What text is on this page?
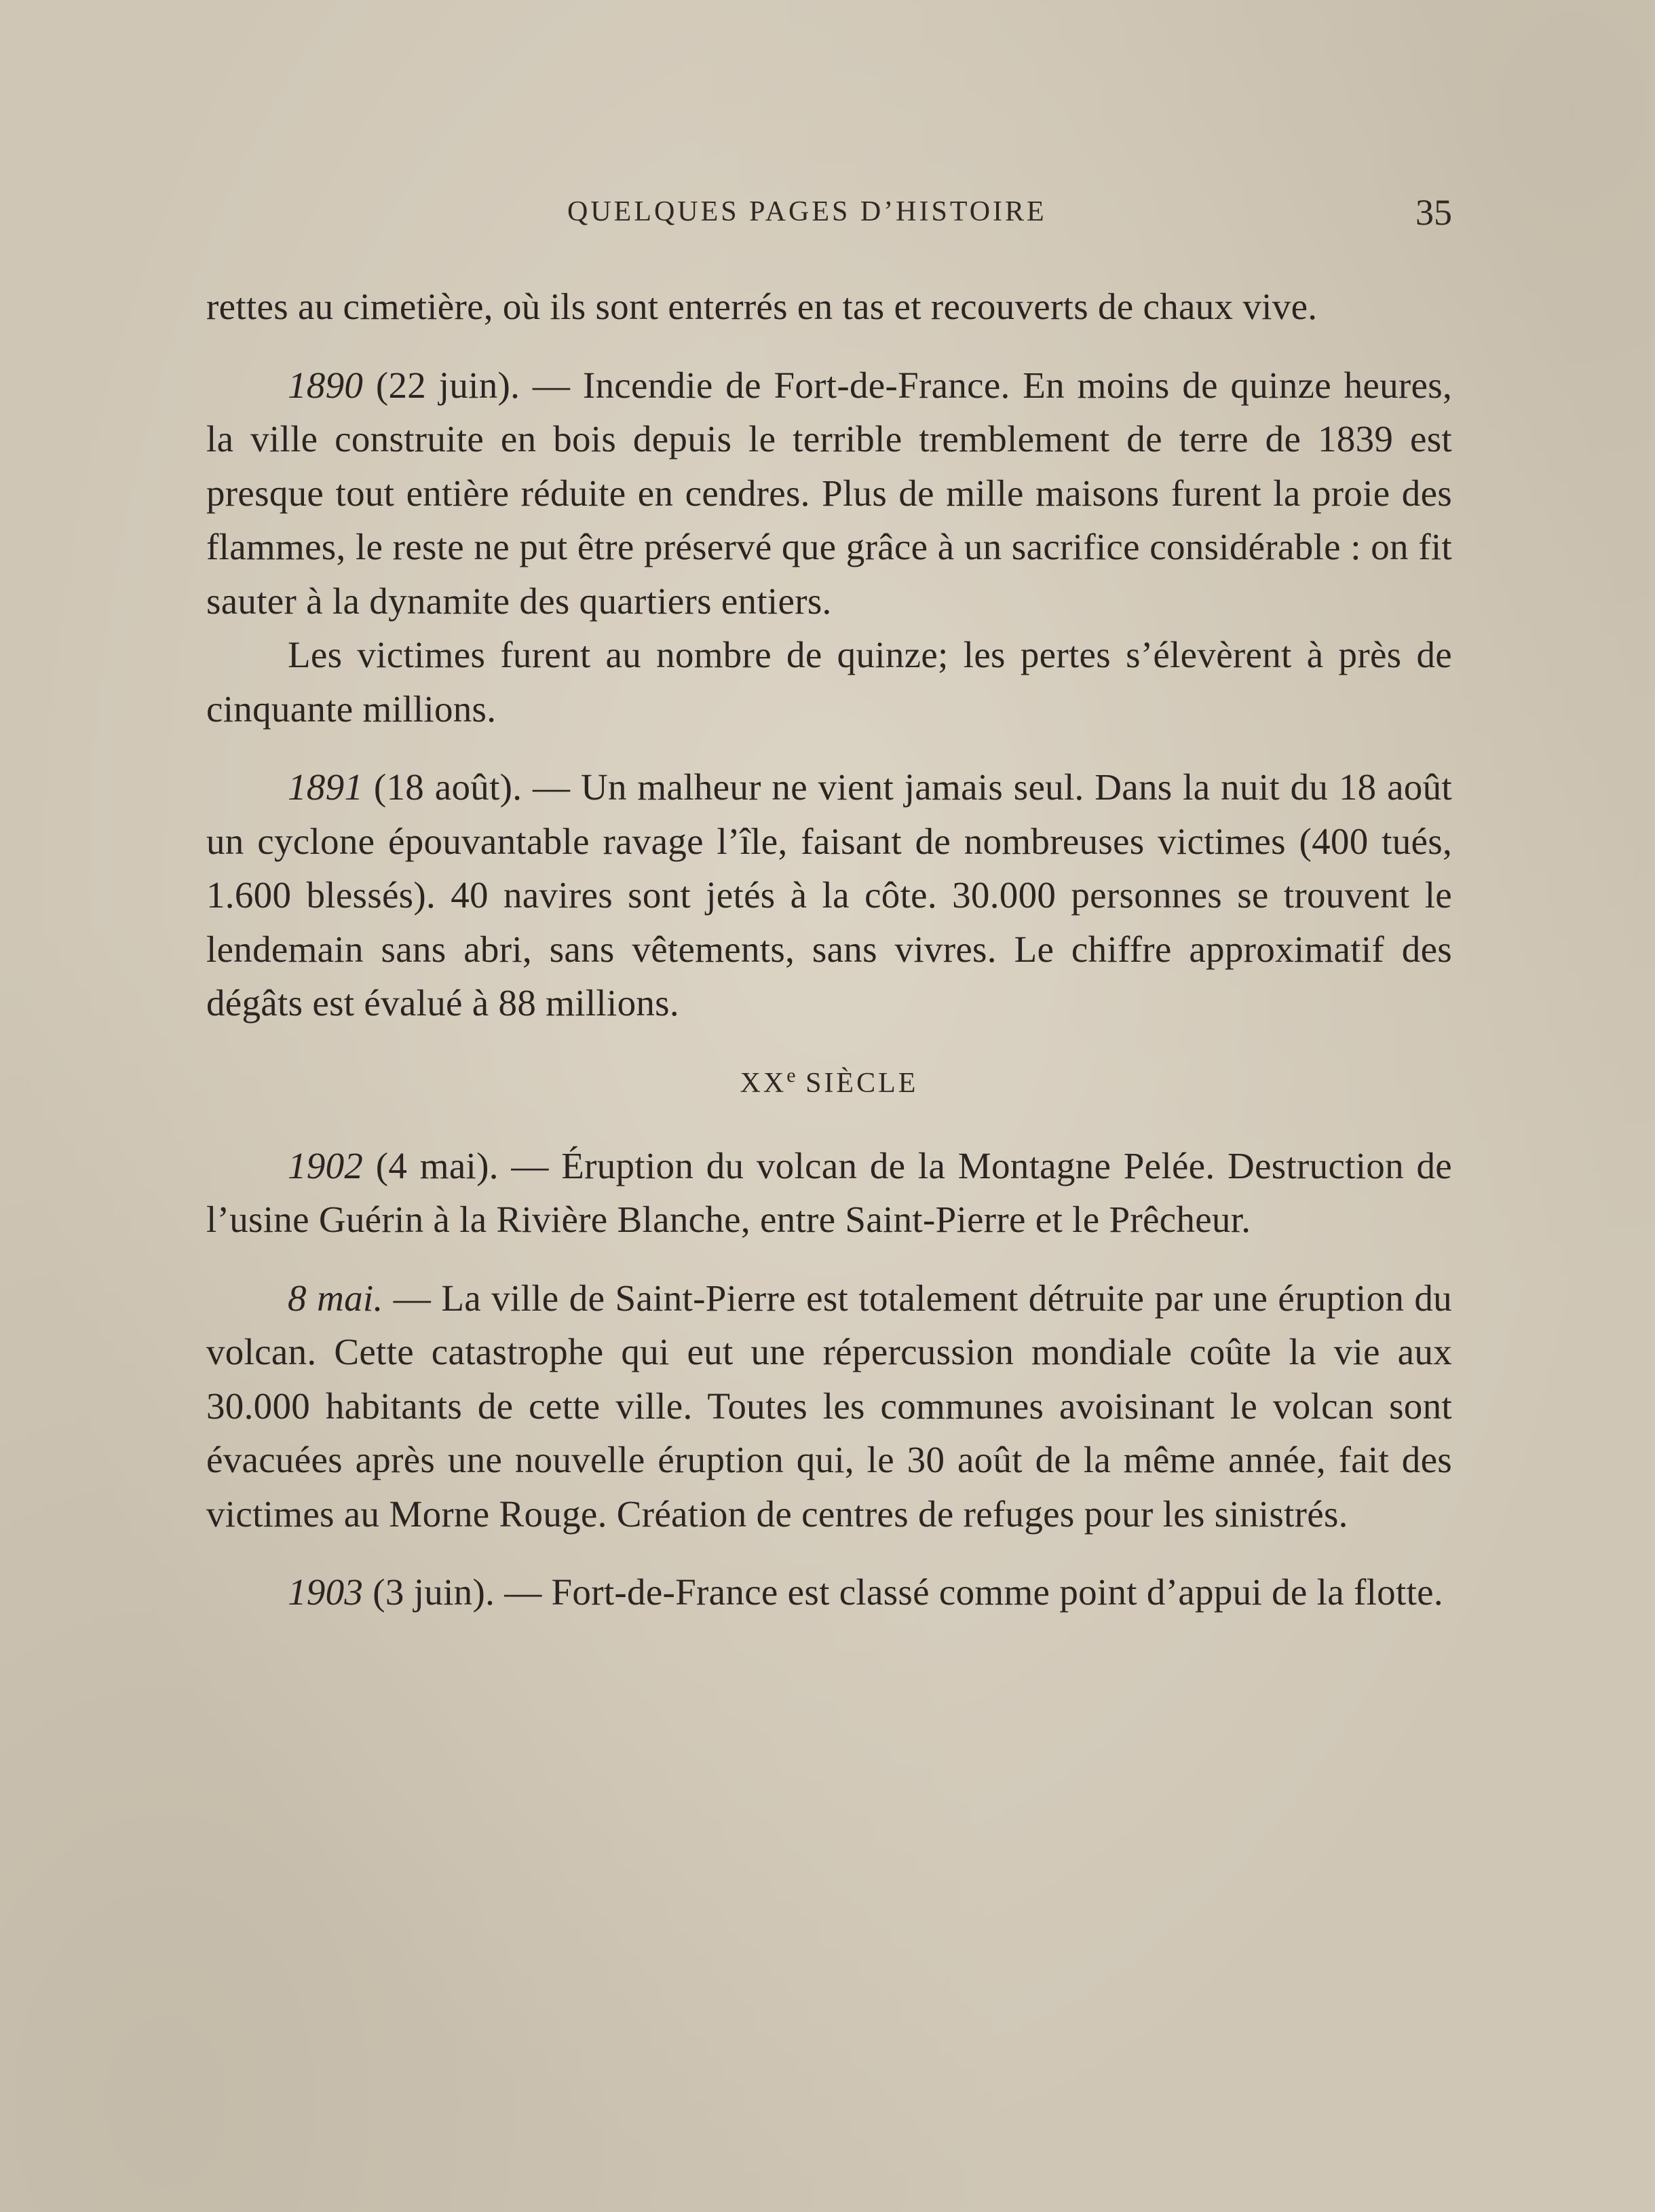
QUELQUES PAGES D’HISTOIRE	35

rettes au cimetière, où ils sont enterrés en tas et recouverts de chaux vive.

1890 (22 juin). — Incendie de Fort-de-France. En moins de quinze heures, la ville construite en bois depuis le terrible tremblement de terre de 1839 est presque tout entière réduite en cendres. Plus de mille maisons furent la proie des flammes, le reste ne put être préservé que grâce à un sacrifice considérable : on fit sauter à la dynamite des quartiers entiers.

Les victimes furent au nombre de quinze; les pertes s’élevèrent à près de cinquante millions.

1891 (18 août). — Un malheur ne vient jamais seul. Dans la nuit du 18 août un cyclone épouvantable ravage l’île, faisant de nombreuses victimes (400 tués, 1.600 blessés). 40 navires sont jetés à la côte. 30.000 personnes se trouvent le lendemain sans abri, sans vêtements, sans vivres. Le chiffre approximatif des dégâts est évalué à 88 millions.

XXe SIÈCLE

1902 (4 mai). — Éruption du volcan de la Montagne Pelée. Destruction de l’usine Guérin à la Rivière Blanche, entre Saint-Pierre et le Prêcheur.

8 mai. — La ville de Saint-Pierre est totalement détruite par une éruption du volcan. Cette catastrophe qui eut une répercussion mondiale coûte la vie aux 30.000 habitants de cette ville. Toutes les communes avoisinant le volcan sont évacuées après une nouvelle éruption qui, le 30 août de la même année, fait des victimes au Morne Rouge. Création de centres de refuges pour les sinistrés.

1903 (3 juin). — Fort-de-France est classé comme point d’appui de la flotte.
